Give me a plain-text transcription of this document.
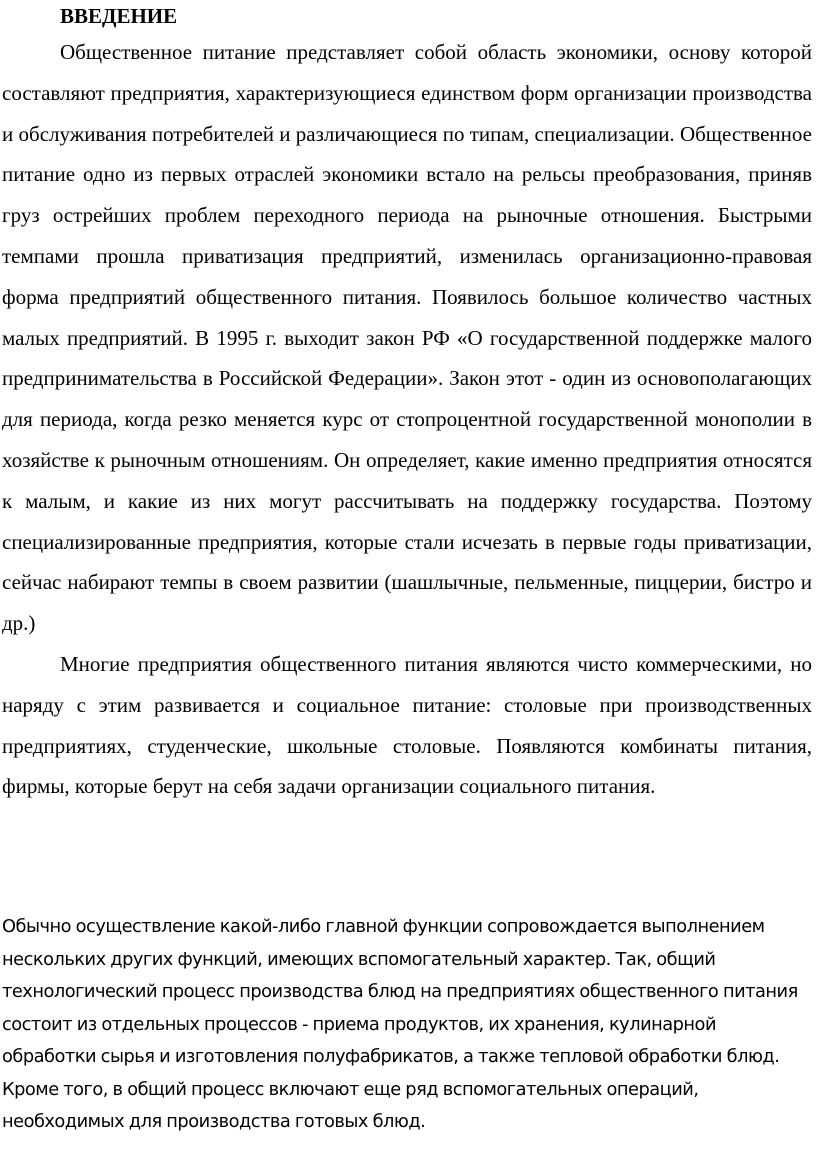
ВВЕДЕНИЕ

Общественное питание представляет собой область экономики, основу которой составляют предприятия, характеризующиеся единством форм организации производства и обслуживания потребителей и различающиеся по типам, специализации. Общественное питание одно из первых отраслей экономики встало на рельсы преобразования, приняв груз острейших проблем переходного периода на рыночные отношения. Быстрыми темпами прошла приватизация предприятий, изменилась организационно-правовая форма предприятий общественного питания. Появилось большое количество частных малых предприятий. В 1995 г. выходит закон РФ «О государственной поддержке малого предпринимательства в Российской Федерации». Закон этот - один из основополагающих для периода, когда резко меняется курс от стопроцентной государственной монополии в хозяйстве к рыночным отношениям. Он определяет, какие именно предприятия относятся к малым, и какие из них могут рассчитывать на поддержку государства. Поэтому специализированные предприятия, которые стали исчезать в первые годы приватизации, сейчас набирают темпы в своем развитии (шашлычные, пельменные, пиццерии, бистро и др.)

Многие предприятия общественного питания являются чисто коммерческими, но наряду с этим развивается и социальное питание: столовые при производственных предприятиях, студенческие, школьные столовые. Появляются комбинаты питания, фирмы, которые берут на себя задачи организации социального питания.

Обычно осуществление какой-либо главной функции сопровождается выполнением нескольких других функций, имеющих вспомогательный характер. Так, общий технологический процесс производства блюд на предприятиях общественного питания состоит из отдельных процессов - приема продуктов, их хранения, кулинарной обработки сырья и изготовления полуфабрикатов, а также тепловой обработки блюд. Кроме того, в общий процесс включают еще ряд вспомогательных операций, необходимых для производства готовых блюд.
